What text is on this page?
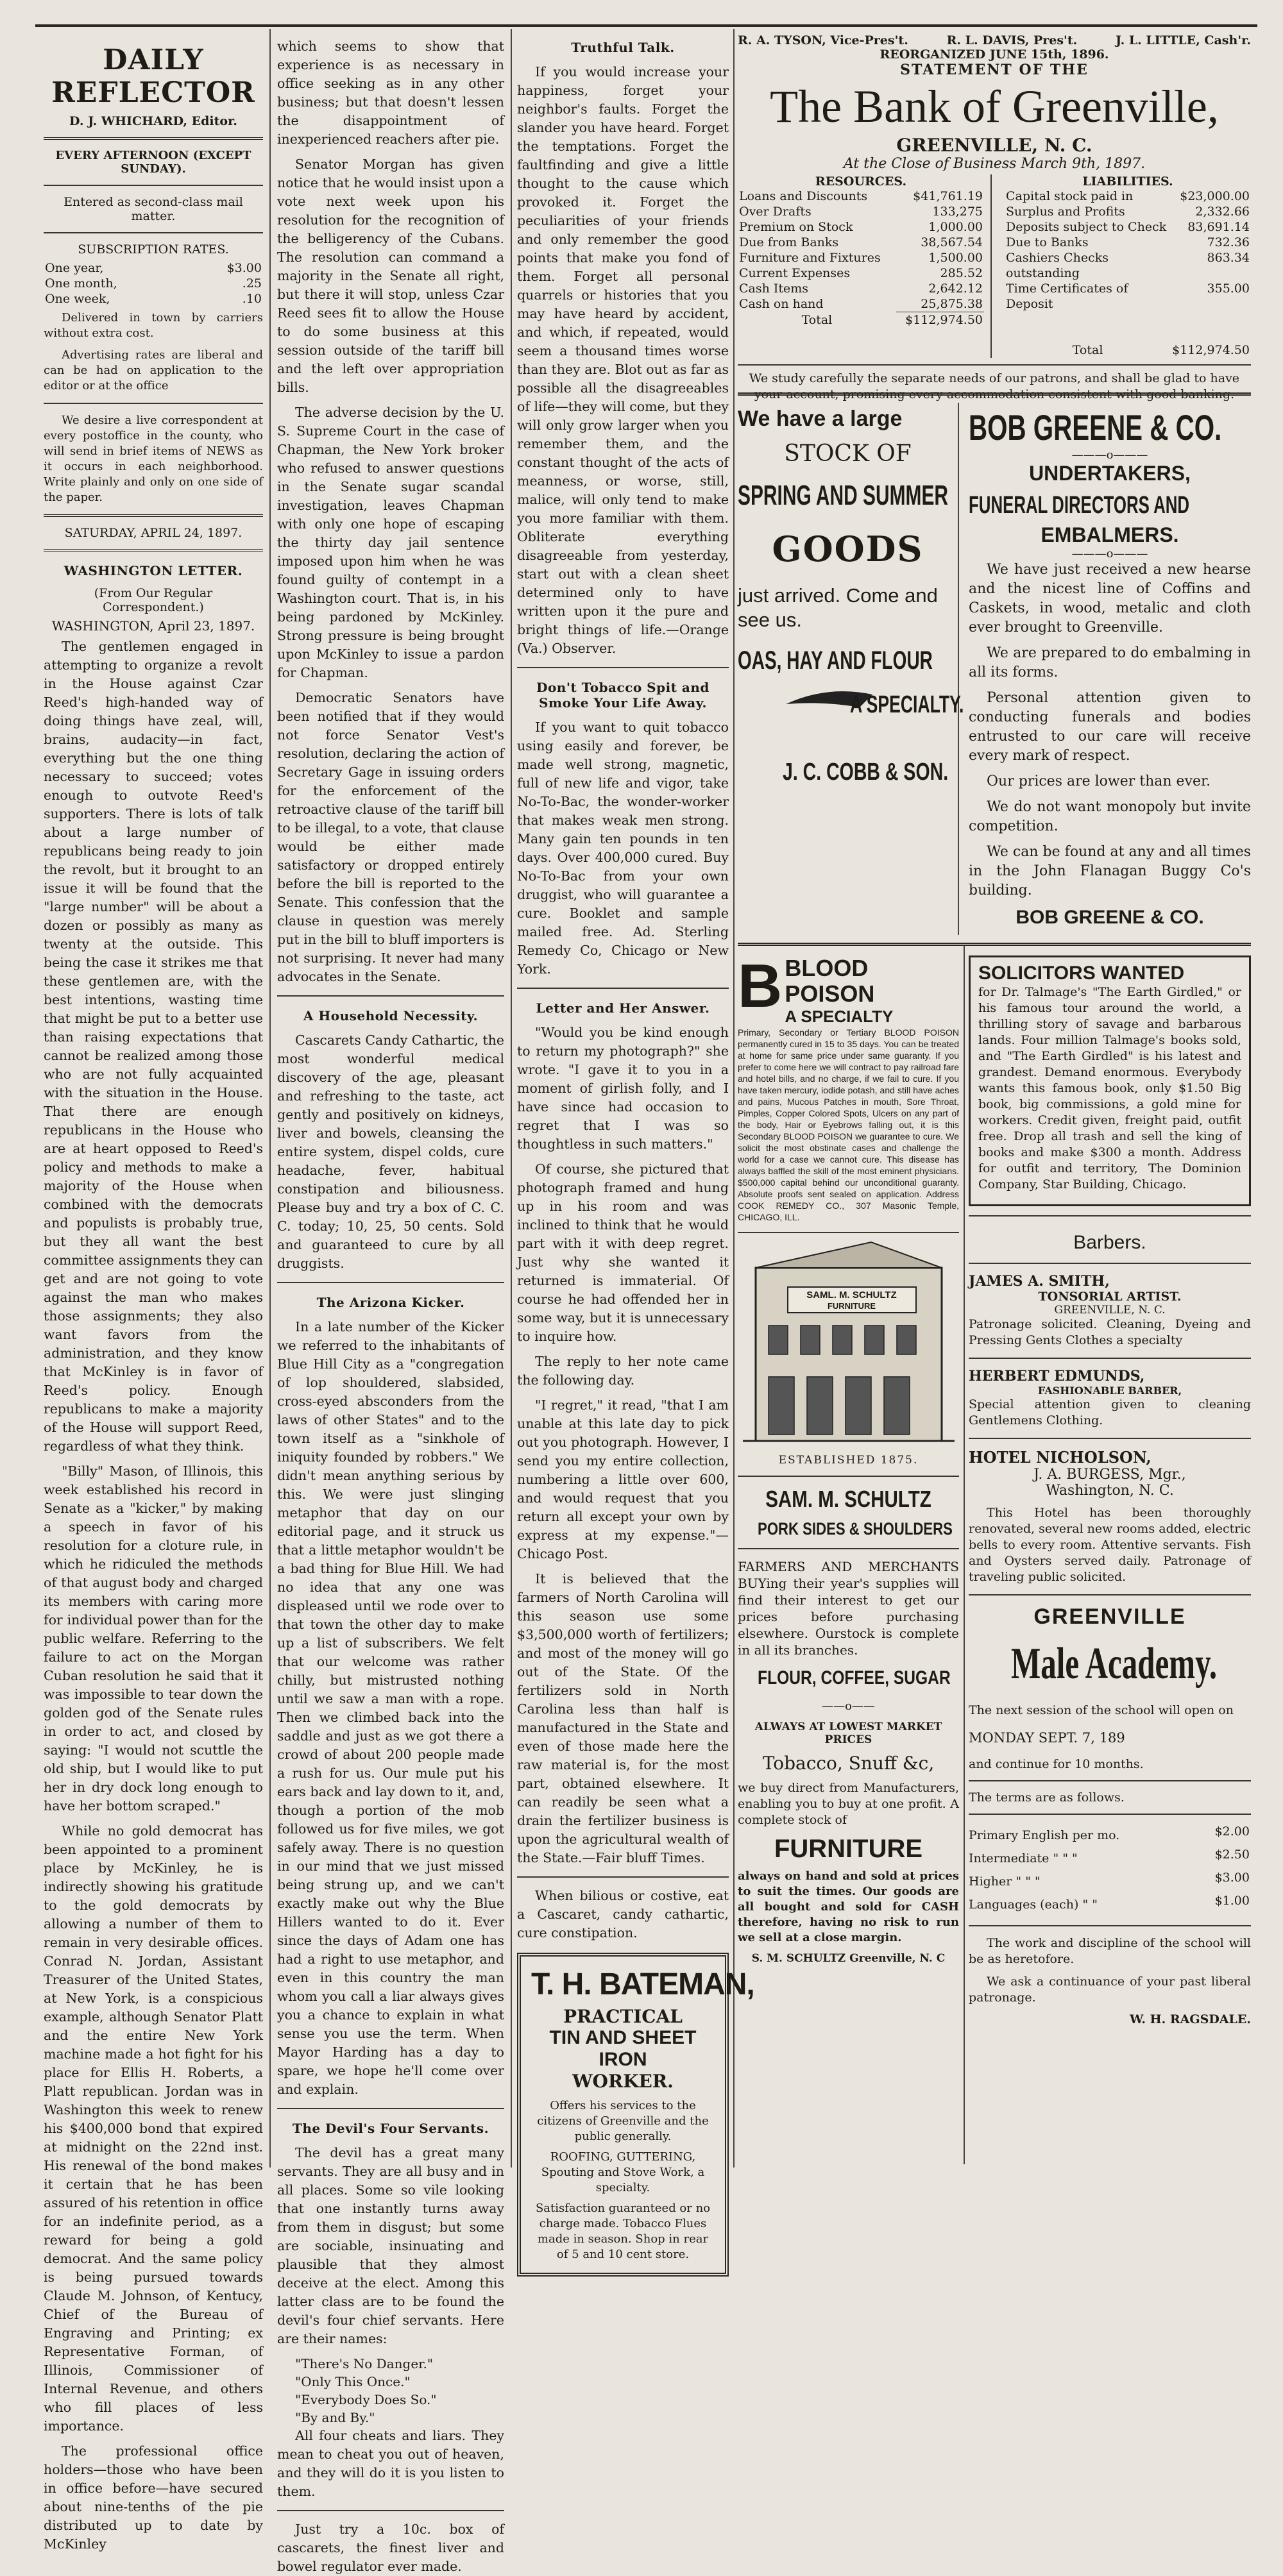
DAILY REFLECTOR
D. J. WHICHARD, Editor.
EVERY AFTERNOON (EXCEPT SUNDAY).
Entered as second-class mail matter.
SUBSCRIPTION RATES.
One year,	$3.00
One month,	.25
One week,	.10

Delivered in town by carriers without extra cost.

Advertising rates are liberal and can be had on application to the editor or at the office

We desire a live correspondent at every postoffice in the county, who will send in brief items of NEWS as it occurs in each neighborhood. Write plainly and only on one side of the paper.

SATURDAY, APRIL 24, 1897.
WASHINGTON LETTER.
(From Our Regular Correspondent.)
WASHINGTON, April 23, 1897.

The gentlemen engaged in attempting to organize a revolt in the House against Czar Reed's high-handed way of doing things have zeal, will, brains, audacity—in fact, everything but the one thing necessary to succeed; votes enough to outvote Reed's supporters. There is lots of talk about a large number of republicans being ready to join the revolt, but it brought to an issue it will be found that the "large number" will be about a dozen or possibly as many as twenty at the outside. This being the case it strikes me that these gentlemen are, with the best intentions, wasting time that might be put to a better use than raising expectations that cannot be realized among those who are not fully acquainted with the situation in the House. That there are enough republicans in the House who are at heart opposed to Reed's policy and methods to make a majority of the House when combined with the democrats and populists is probably true, but they all want the best committee assignments they can get and are not going to vote against the man who makes those assignments; they also want favors from the administration, and they know that McKinley is in favor of Reed's policy. Enough republicans to make a majority of the House will support Reed, regardless of what they think.

"Billy" Mason, of Illinois, this week established his record in Senate as a "kicker," by making a speech in favor of his resolution for a cloture rule, in which he ridiculed the methods of that august body and charged its members with caring more for individual power than for the public welfare. Referring to the failure to act on the Morgan Cuban resolution he said that it was impossible to tear down the golden god of the Senate rules in order to act, and closed by saying: "I would not scuttle the old ship, but I would like to put her in dry dock long enough to have her bottom scraped."

While no gold democrat has been appointed to a prominent place by McKinley, he is indirectly showing his gratitude to the gold democrats by allowing a number of them to remain in very desirable offices. Conrad N. Jordan, Assistant Treasurer of the United States, at New York, is a conspicious example, although Senator Platt and the entire New York machine made a hot fight for his place for Ellis H. Roberts, a Platt republican. Jordan was in Washington this week to renew his $400,000 bond that expired at midnight on the 22nd inst. His renewal of the bond makes it certain that he has been assured of his retention in office for an indefinite period, as a reward for being a gold democrat. And the same policy is being pursued towards Claude M. Johnson, of Kentucy, Chief of the Bureau of Engraving and Printing; ex Representative Forman, of Illinois, Commissioner of Internal Revenue, and others who fill places of less importance.

The professional office holders—those who have been in office before—have secured about nine-tenths of the pie distributed up to date by McKinley

which seems to show that experience is as necessary in office seeking as in any other business; but that doesn't lessen the disappointment of inexperienced reachers after pie.

Senator Morgan has given notice that he would insist upon a vote next week upon his resolution for the recognition of the belligerency of the Cubans. The resolution can command a majority in the Senate all right, but there it will stop, unless Czar Reed sees fit to allow the House to do some business at this session outside of the tariff bill and the left over appropriation bills.

The adverse decision by the U. S. Supreme Court in the case of Chapman, the New York broker who refused to answer questions in the Senate sugar scandal investigation, leaves Chapman with only one hope of escaping the thirty day jail sentence imposed upon him when he was found guilty of contempt in a Washington court. That is, in his being pardoned by McKinley. Strong pressure is being brought upon McKinley to issue a pardon for Chapman.

Democratic Senators have been notified that if they would not force Senator Vest's resolution, declaring the action of Secretary Gage in issuing orders for the enforcement of the retroactive clause of the tariff bill to be illegal, to a vote, that clause would be either made satisfactory or dropped entirely before the bill is reported to the Senate. This confession that the clause in question was merely put in the bill to bluff importers is not surprising. It never had many advocates in the Senate.

A Household Necessity.

Cascarets Candy Cathartic, the most wonderful medical discovery of the age, pleasant and refreshing to the taste, act gently and positively on kidneys, liver and bowels, cleansing the entire system, dispel colds, cure headache, fever, habitual constipation and biliousness. Please buy and try a box of C. C. C. today; 10, 25, 50 cents. Sold and guaranteed to cure by all druggists.

The Arizona Kicker.

In a late number of the Kicker we referred to the inhabitants of Blue Hill City as a "congregation of lop shouldered, slabsided, cross-eyed absconders from the laws of other States" and to the town itself as a "sinkhole of iniquity founded by robbers." We didn't mean anything serious by this. We were just slinging metaphor that day on our editorial page, and it struck us that a little metaphor wouldn't be a bad thing for Blue Hill. We had no idea that any one was displeased until we rode over to that town the other day to make up a list of subscribers. We felt that our welcome was rather chilly, but mistrusted nothing until we saw a man with a rope. Then we climbed back into the saddle and just as we got there a crowd of about 200 people made a rush for us. Our mule put his ears back and lay down to it, and, though a portion of the mob followed us for five miles, we got safely away. There is no question in our mind that we just missed being strung up, and we can't exactly make out why the Blue Hillers wanted to do it. Ever since the days of Adam one has had a right to use metaphor, and even in this country the man whom you call a liar always gives you a chance to explain in what sense you use the term. When Mayor Harding has a day to spare, we hope he'll come over and explain.

The Devil's Four Servants.

The devil has a great many servants. They are all busy and in all places. Some so vile looking that one instantly turns away from them in disgust; but some are sociable, insinuating and plausible that they almost deceive at the elect. Among this latter class are to be found the devil's four chief servants. Here are their names:

"There's No Danger."
"Only This Once."
"Everybody Does So."
"By and By."

All four cheats and liars. They mean to cheat you out of heaven, and they will do it is you listen to them.

Just try a 10c. box of cascarets, the finest liver and bowel regulator ever made.

Truthful Talk.

If you would increase your happiness, forget your neighbor's faults. Forget the slander you have heard. Forget the temptations. Forget the faultfinding and give a little thought to the cause which provoked it. Forget the peculiarities of your friends and only remember the good points that make you fond of them. Forget all personal quarrels or histories that you may have heard by accident, and which, if repeated, would seem a thousand times worse than they are. Blot out as far as possible all the disagreeables of life—they will come, but they will only grow larger when you remember them, and the constant thought of the acts of meanness, or worse, still, malice, will only tend to make you more familiar with them. Obliterate everything disagreeable from yesterday, start out with a clean sheet determined only to have written upon it the pure and bright things of life.—Orange (Va.) Observer.

Don't Tobacco Spit and Smoke Your Life Away.

If you want to quit tobacco using easily and forever, be made well strong, magnetic, full of new life and vigor, take No-To-Bac, the wonder-worker that makes weak men strong. Many gain ten pounds in ten days. Over 400,000 cured. Buy No-To-Bac from your own druggist, who will guarantee a cure. Booklet and sample mailed free. Ad. Sterling Remedy Co, Chicago or New York.

Letter and Her Answer.

"Would you be kind enough to return my photograph?" she wrote. "I gave it to you in a moment of girlish folly, and I have since had occasion to regret that I was so thoughtless in such matters."

Of course, she pictured that photograph framed and hung up in his room and was inclined to think that he would part with it with deep regret. Just why she wanted it returned is immaterial. Of course he had offended her in some way, but it is unnecessary to inquire how.

The reply to her note came the following day.

"I regret," it read, "that I am unable at this late day to pick out you photograph. However, I send you my entire collection, numbering a little over 600, and would request that you return all except your own by express at my expense."—Chicago Post.

It is believed that the farmers of North Carolina will this season use some $3,500,000 worth of fertilizers; and most of the money will go out of the State. Of the fertilizers sold in North Carolina less than half is manufactured in the State and even of those made here the raw material is, for the most part, obtained elsewhere. It can readily be seen what a drain the fertilizer business is upon the agricultural wealth of the State.—Fair bluff Times.

When bilious or costive, eat a Cascaret, candy cathartic, cure constipation.

T. H. BATEMAN,
PRACTICAL
TIN AND SHEET IRON
WORKER.
Offers his services to the citizens of Greenville and the public generally.
ROOFING, GUTTERING, Spouting and Stove Work, a specialty.
Satisfaction guaranteed or no charge made. Tobacco Flues made in season. Shop in rear of 5 and 10 cent store.
R. A. TYSON, Vice-Pres't.	R. L. DAVIS, Pres't.	J. L. LITTLE, Cash'r.
REORGANIZED JUNE 15th, 1896.
STATEMENT OF THE
The Bank of Greenville,
GREENVILLE, N. C.
At the Close of Business March 9th, 1897.
RESOURCES.
Loans and Discounts	$41,761.19
Over Drafts	133,275
Premium on Stock	1,000.00
Due from Banks	38,567.54
Furniture and Fixtures	1,500.00
Current Expenses	285.52
Cash Items	2,642.12
Cash on hand	25,875.38
Total	$112,974.50
LIABILITIES.
Capital stock paid in	$23,000.00
Surplus and Profits	2,332.66
Deposits subject to Check	83,691.14
Due to Banks	732.36
Cashiers Checks outstanding	863.34
Time Certificates of Deposit	355.00
Total	$112,974.50
We study carefully the separate needs of our patrons, and shall be glad to have your account, promising every accommodation consistent with good banking.
We have a large
STOCK OF
SPRING AND SUMMER
GOODS
just arrived. Come and see us.
OAS, HAY AND FLOUR
A SPECIALTY.
J. C. COBB & SON.
BOB GREENE & CO.
———o———
UNDERTAKERS,
FUNERAL DIRECTORS AND
EMBALMERS.
———o———

We have just received a new hearse and the nicest line of Coffins and Caskets, in wood, metalic and cloth ever brought to Greenville.

We are prepared to do embalming in all its forms.

Personal attention given to conducting funerals and bodies entrusted to our care will receive every mark of respect.

Our prices are lower than ever.

We do not want monopoly but invite competition.

We can be found at any and all times in the John Flanagan Buggy Co's building.

BOB GREENE & CO.
B BLOOD POISON
A SPECIALTY

Primary, Secondary or Tertiary BLOOD POISON permanently cured in 15 to 35 days. You can be treated at home for same price under same guaranty. If you prefer to come here we will contract to pay railroad fare and hotel bills, and no charge, if we fail to cure. If you have taken mercury, iodide potash, and still have aches and pains, Mucous Patches in mouth, Sore Throat, Pimples, Copper Colored Spots, Ulcers on any part of the body, Hair or Eyebrows falling out, it is this Secondary BLOOD POISON we guarantee to cure. We solicit the most obstinate cases and challenge the world for a case we cannot cure. This disease has always baffled the skill of the most eminent physicians. $500,000 capital behind our unconditional guaranty. Absolute proofs sent sealed on application. Address COOK REMEDY CO., 307 Masonic Temple, CHICAGO, ILL.

SAML. M. SCHULTZ
FURNITURE
ESTABLISHED 1875.
SAM. M. SCHULTZ
PORK SIDES & SHOULDERS

FARMERS AND MERCHANTS BUYing their year's supplies will find their interest to get our prices before purchasing elsewhere. Ourstock is complete in all its branches.

FLOUR, COFFEE, SUGAR
——o——
ALWAYS AT LOWEST MARKET PRICES
Tobacco, Snuff &c,

we buy direct from Manufacturers, enabling you to buy at one profit. A complete stock of

FURNITURE

always on hand and sold at prices to suit the times. Our goods are all bought and sold for CASH therefore, having no risk to run we sell at a close margin.

S. M. SCHULTZ Greenville, N. C
SOLICITORS WANTED

for Dr. Talmage's "The Earth Girdled," or his famous tour around the world, a thrilling story of savage and barbarous lands. Four million Talmage's books sold, and "The Earth Girdled" is his latest and grandest. Demand enormous. Everybody wants this famous book, only $1.50 Big book, big commissions, a gold mine for workers. Credit given, freight paid, outfit free. Drop all trash and sell the king of books and make $300 a month. Address for outfit and territory, The Dominion Company, Star Building, Chicago.

Barbers.
JAMES A. SMITH,
TONSORIAL ARTIST.
GREENVILLE, N. C.

Patronage solicited. Cleaning, Dyeing and Pressing Gents Clothes a specialty

HERBERT EDMUNDS,
FASHIONABLE BARBER,

Special attention given to cleaning Gentlemens Clothing.

HOTEL NICHOLSON,
J. A. BURGESS, Mgr.,
Washington, N. C.

This Hotel has been thoroughly renovated, several new rooms added, electric bells to every room. Attentive servants. Fish and Oysters served daily. Patronage of traveling public solicited.

GREENVILLE
Male Academy.

The next session of the school will open on

MONDAY SEPT. 7, 189
and continue for 10 months.
The terms are as follows.
Primary English per mo.	$2.00
Intermediate " " "	$2.50
Higher " " "	$3.00
Languages (each) " "	$1.00

The work and discipline of the school will be as heretofore.

We ask a continuance of your past liberal patronage.

W. H. RAGSDALE.
